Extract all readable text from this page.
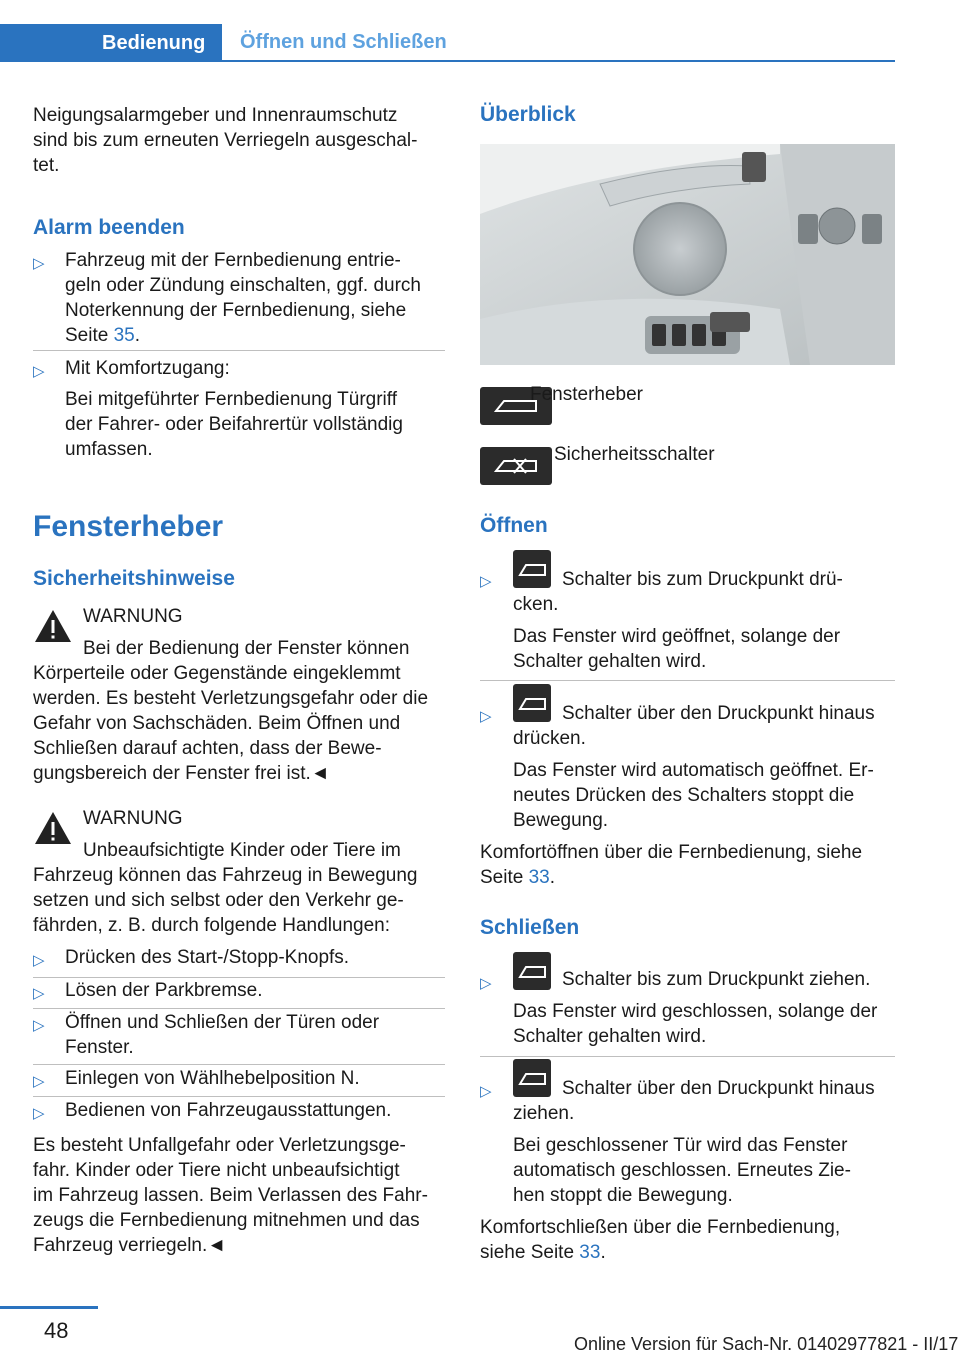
Bedienung	Öffnen und Schließen
Neigungsalarmgeber und Innenraumschutz
sind bis zum erneuten Verriegeln ausgeschal-
tet.
Alarm beenden
▷ Fahrzeug mit der Fernbedienung entrie-
geln oder Zündung einschalten, ggf. durch
Noterkennung der Fernbedienung, siehe
Seite 35.
▷ Mit Komfortzugang:
Bei mitgeführter Fernbedienung Türgriff
der Fahrer- oder Beifahrertür vollständig
umfassen.
Fensterheber
Sicherheitshinweise
WARNUNG
Bei der Bedienung der Fenster können
Körperteile oder Gegenstände eingeklemmt
werden. Es besteht Verletzungsgefahr oder die
Gefahr von Sachschäden. Beim Öffnen und
Schließen darauf achten, dass der Bewe-
gungsbereich der Fenster frei ist.◄
WARNUNG
Unbeaufsichtigte Kinder oder Tiere im
Fahrzeug können das Fahrzeug in Bewegung
setzen und sich selbst oder den Verkehr ge-
fährden, z. B. durch folgende Handlungen:
▷ Drücken des Start-/Stopp-Knopfs.
▷ Lösen der Parkbremse.
▷ Öffnen und Schließen der Türen oder
Fenster.
▷ Einlegen von Wählhebelposition N.
▷ Bedienen von Fahrzeugausstattungen.
Es besteht Unfallgefahr oder Verletzungsge-
fahr. Kinder oder Tiere nicht unbeaufsichtigt
im Fahrzeug lassen. Beim Verlassen des Fahr-
zeugs die Fernbedienung mitnehmen und das
Fahrzeug verriegeln.◄
Überblick
Fensterheber
Sicherheitsschalter
Öffnen
▷	Schalter bis zum Druckpunkt drü-
cken.
Das Fenster wird geöffnet, solange der
Schalter gehalten wird.
▷	Schalter über den Druckpunkt hinaus
drücken.
Das Fenster wird automatisch geöffnet. Er-
neutes Drücken des Schalters stoppt die
Bewegung.
Komfortöffnen über die Fernbedienung, siehe
Seite 33.
Schließen
▷	Schalter bis zum Druckpunkt ziehen.
Das Fenster wird geschlossen, solange der
Schalter gehalten wird.
▷	Schalter über den Druckpunkt hinaus
ziehen.
Bei geschlossener Tür wird das Fenster
automatisch geschlossen. Erneutes Zie-
hen stoppt die Bewegung.
Komfortschließen über die Fernbedienung,
siehe Seite 33.
48
Online Version für Sach-Nr. 01402977821 - II/17
